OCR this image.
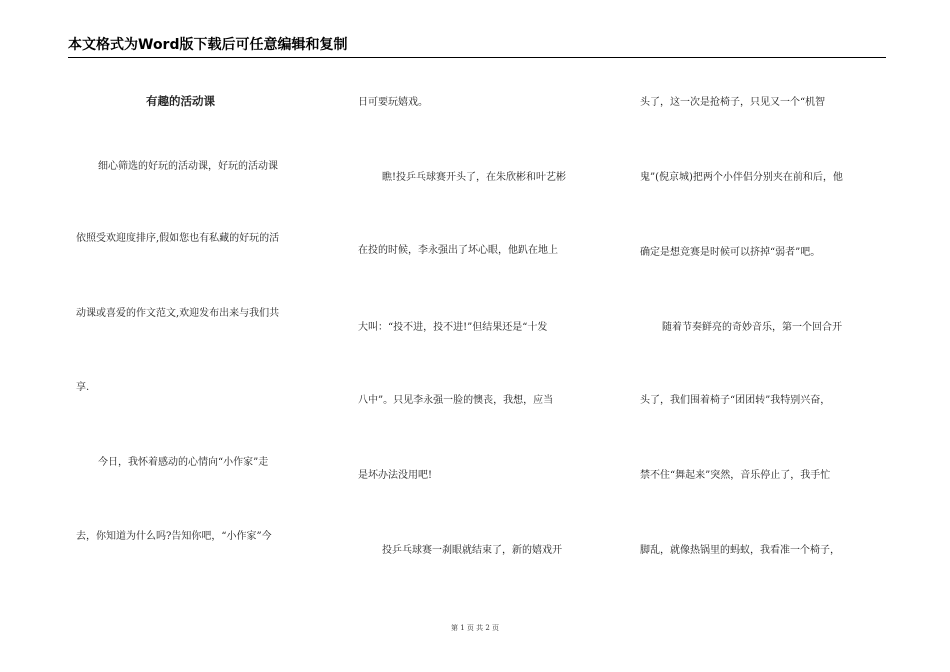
本文格式为Word版下载后可任意编辑和复制
有趣的活动课
细心筛选的好玩的活动课，好玩的活动课
依照受欢迎度排序,假如您也有私藏的好玩的活
动课或喜爱的作文范文,欢迎发布出来与我们共
享.
今日，我怀着感动的心情向“小作家”走
去，你知道为什么吗?告知你吧，“小作家”今
日可要玩嬉戏。
瞧!投乒乓球赛开头了，在朱欣彬和叶艺彬
在投的时候，李永强出了坏心眼，他趴在地上
大叫：“投不进，投不进!”但结果还是“十发
八中”。只见李永强一脸的懊丧，我想，应当
是坏办法没用吧!
投乒乓球赛一刹眼就结束了，新的嬉戏开
头了，这一次是抢椅子，只见又一个“机智
鬼”(倪京城)把两个小伴侣分别夹在前和后，他
确定是想竞赛是时候可以挤掉“弱者”吧。
随着节奏鲜亮的奇妙音乐，第一个回合开
头了，我们围着椅子“团团转”我特别兴奋，
禁不住“舞起来”突然，音乐停止了，我手忙
脚乱，就像热锅里的蚂蚁，我看准一个椅子，
第 1 页 共 2 页
